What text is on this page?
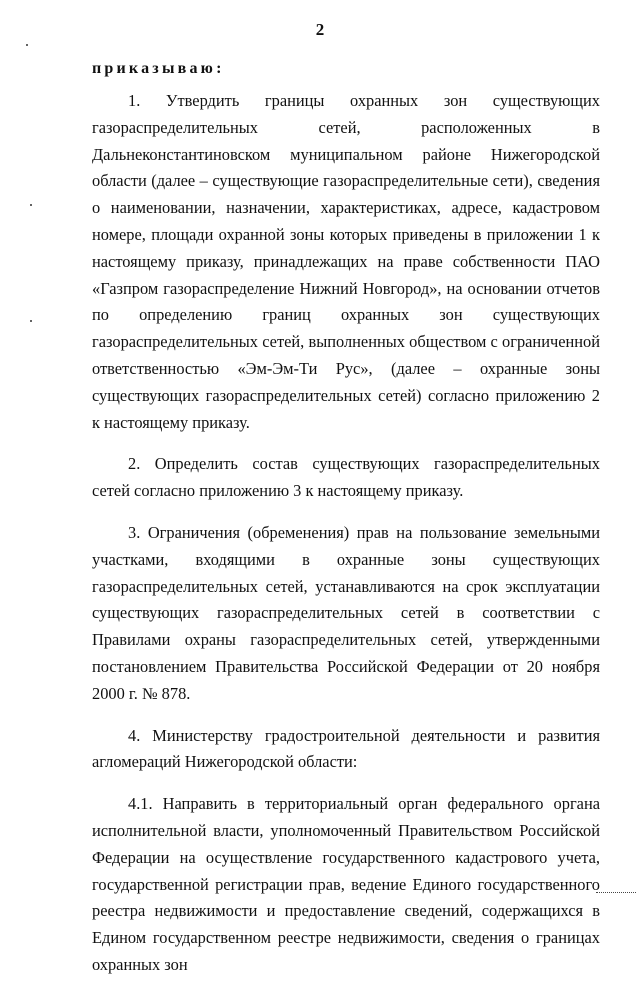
2
приказываю:

1. Утвердить границы охранных зон существующих газораспределительных сетей, расположенных в Дальнеконстантиновском муниципальном районе Нижегородской области (далее – существующие газораспределительные сети), сведения о наименовании, назначении, характеристиках, адресе, кадастровом номере, площади охранной зоны которых приведены в приложении 1 к настоящему приказу, принадлежащих на праве собственности ПАО «Газпром газораспределение Нижний Новгород», на основании отчетов по определению границ охранных зон существующих газораспределительных сетей, выполненных обществом с ограниченной ответственностью «Эм-Эм-Ти Рус», (далее – охранные зоны существующих газораспределительных сетей) согласно приложению 2 к настоящему приказу.

2. Определить состав существующих газораспределительных сетей согласно приложению 3 к настоящему приказу.

3. Ограничения (обременения) прав на пользование земельными участками, входящими в охранные зоны существующих газораспределительных сетей, устанавливаются на срок эксплуатации существующих газораспределительных сетей в соответствии с Правилами охраны газораспределительных сетей, утвержденными постановлением Правительства Российской Федерации от 20 ноября 2000 г. № 878.

4. Министерству градостроительной деятельности и развития агломераций Нижегородской области:

4.1. Направить в территориальный орган федерального органа исполнительной власти, уполномоченный Правительством Российской Федерации на осуществление государственного кадастрового учета, государственной регистрации прав, ведение Единого государственного реестра недвижимости и предоставление сведений, содержащихся в Едином государственном реестре недвижимости, сведения о границах охранных зон
